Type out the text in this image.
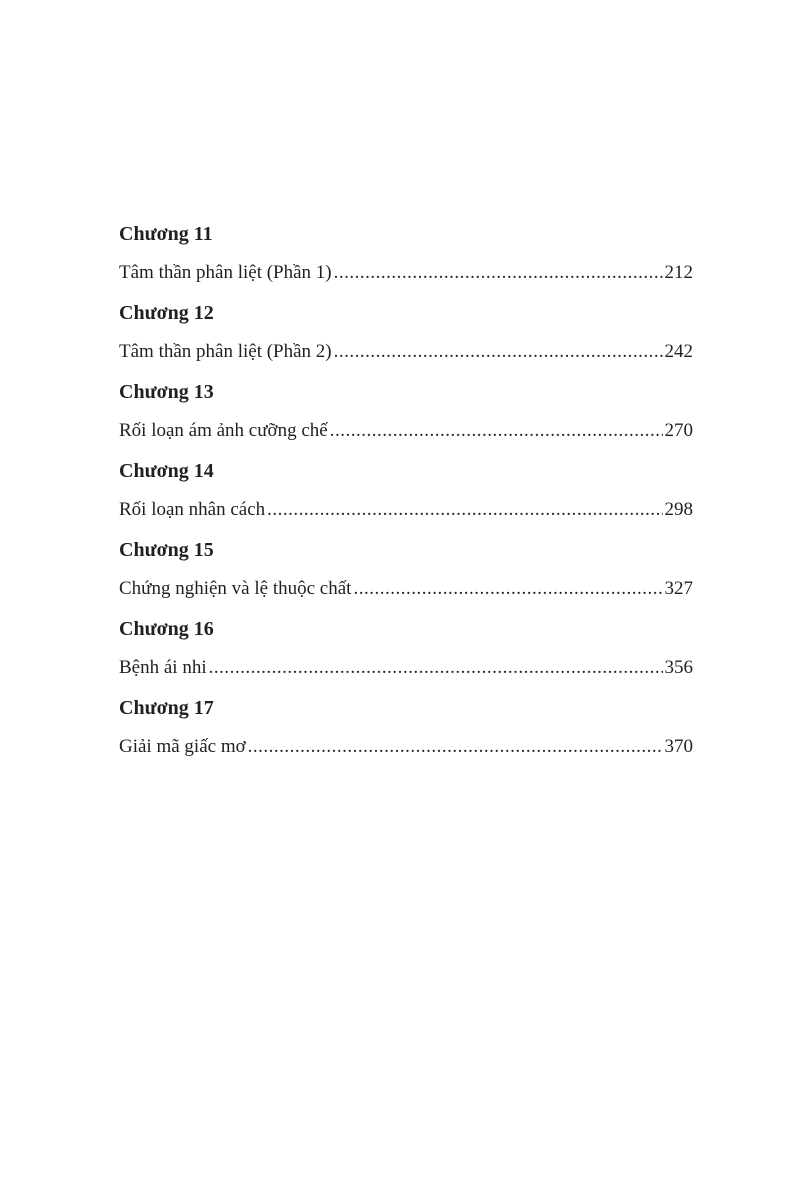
Chương 11
Tâm thần phân liệt (Phần 1) .....	212
Chương 12
Tâm thần phân liệt (Phần 2) .....	242
Chương 13
Rối loạn ám ảnh cưỡng chế .....	270
Chương 14
Rối loạn nhân cách .....	298
Chương 15
Chứng nghiện và lệ thuộc chất .....	327
Chương 16
Bệnh ái nhi .....	356
Chương 17
Giải mã giấc mơ .....	370
